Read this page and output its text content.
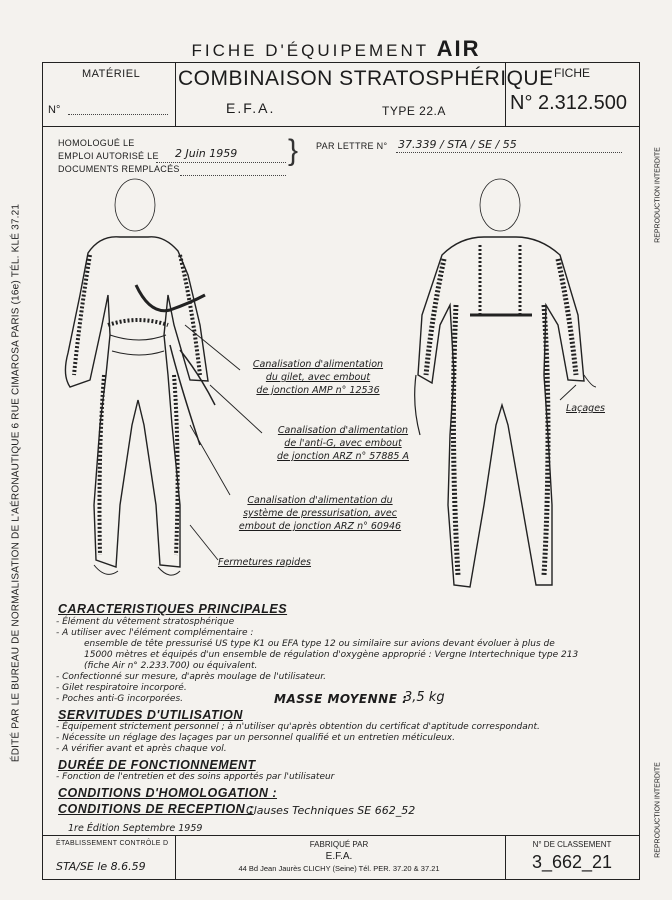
FICHE D'ÉQUIPEMENT AIR
ÉDITÉ PAR LE BUREAU DE NORMALISATION DE L'AÉRONAUTIQUE 6 RUE CIMAROSA PARIS (16e) TÉL. KLÉ 37.21
REPRODUCTION INTERDITE
REPRODUCTION INTERDITE
MATÉRIEL
N°
COMBINAISON STRATOSPHÉRIQUE
E.F.A.	TYPE 22.A
FICHE
N° 2.312.500
HOMOLOGUÉ LE
EMPLOI AUTORISÉ LE 2 Juin 1959
DOCUMENTS REMPLACÉS
} PAR LETTRE N° 37.339 / STA / SE / 55
Canalisation d'alimentation
du gilet, avec embout
de jonction AMP n° 12536
Canalisation d'alimentation
de l'anti-G, avec embout
de jonction ARZ n° 57885 A
Canalisation d'alimentation du
système de pressurisation, avec
embout de jonction ARZ n° 60946
Fermetures rapides
Laçages
CARACTERISTIQUES PRINCIPALES
- Élément du vêtement stratosphérique
- A utiliser avec l'élément complémentaire :
ensemble de tête pressurisé US type K1 ou EFA type 12 ou similaire sur avions devant évoluer à plus de
15000 mètres et équipés d'un ensemble de régulation d'oxygène approprié : Vergne Intertechnique type 213
(fiche Air n° 2.233.700) ou équivalent.
- Confectionné sur mesure, d'après moulage de l'utilisateur.
- Gilet respiratoire incorporé.
- Poches anti-G incorporées.	MASSE MOYENNE :
3,5 kg
SERVITUDES D'UTILISATION
- Équipement strictement personnel ; à n'utiliser qu'après obtention du certificat d'aptitude correspondant.
- Nécessite un réglage des laçages par un personnel qualifié et un entretien méticuleux.
- A vérifier avant et après chaque vol.
DURÉE DE FONCTIONNEMENT
- Fonction de l'entretien et des soins apportés par l'utilisateur
CONDITIONS D'HOMOLOGATION :
CONDITIONS DE RECEPTION :
Clauses Techniques SE 662_52
1re Édition Septembre 1959
ÉTABLISSEMENT CONTRÔLE D
STA/SE le 8.6.59
FABRIQUÉ PAR
E.F.A.
44 Bd Jean Jaurès CLICHY (Seine) Tél. PER. 37.20 & 37.21
N° DE CLASSEMENT
3_662_21
